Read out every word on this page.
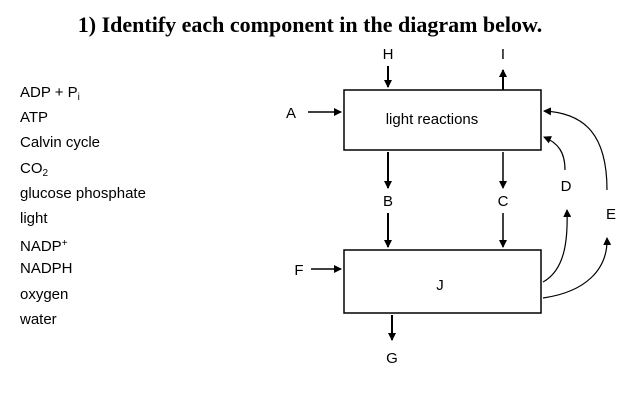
1) Identify each component in the diagram below.
ADP + $P_i$
ATP
Calvin cycle
$CO_2$
glucose phosphate
light
NADP+
NADPH
oxygen
water
light reactions
J
H	I
A
B	C
D
E
F
G
